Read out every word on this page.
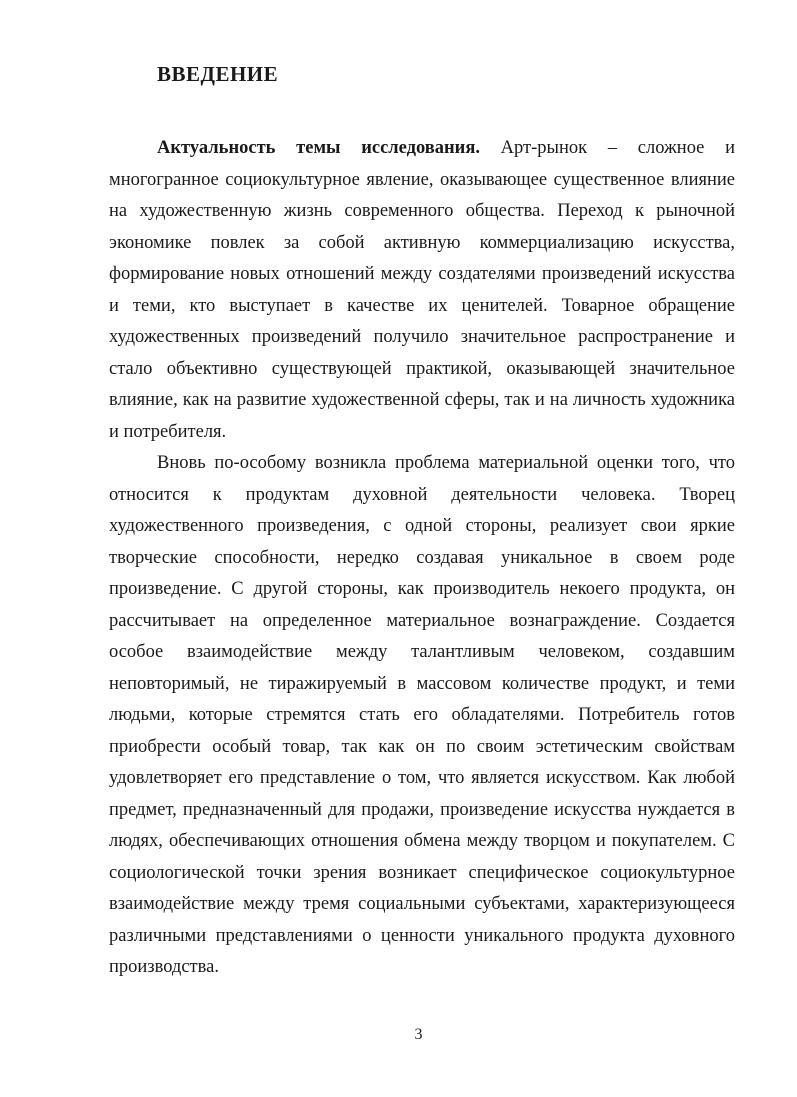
ВВЕДЕНИЕ

Актуальность темы исследования. Арт-рынок – сложное и многогранное социокультурное явление, оказывающее существенное влияние на художественную жизнь современного общества. Переход к рыночной экономике повлек за собой активную коммерциализацию искусства, формирование новых отношений между создателями произведений искусства и теми, кто выступает в качестве их ценителей. Товарное обращение художественных произведений получило значительное распространение и стало объективно существующей практикой, оказывающей значительное влияние, как на развитие художественной сферы, так и на личность художника и потребителя.

Вновь по-особому возникла проблема материальной оценки того, что относится к продуктам духовной деятельности человека. Творец художественного произведения, с одной стороны, реализует свои яркие творческие способности, нередко создавая уникальное в своем роде произведение. С другой стороны, как производитель некоего продукта, он рассчитывает на определенное материальное вознаграждение. Создается особое взаимодействие между талантливым человеком, создавшим неповторимый, не тиражируемый в массовом количестве продукт, и теми людьми, которые стремятся стать его обладателями. Потребитель готов приобрести особый товар, так как он по своим эстетическим свойствам удовлетворяет его представление о том, что является искусством. Как любой предмет, предназначенный для продажи, произведение искусства нуждается в людях, обеспечивающих отношения обмена между творцом и покупателем. С социологической точки зрения возникает специфическое социокультурное взаимодействие между тремя социальными субъектами, характеризующееся различными представлениями о ценности уникального продукта духовного производства.

3
